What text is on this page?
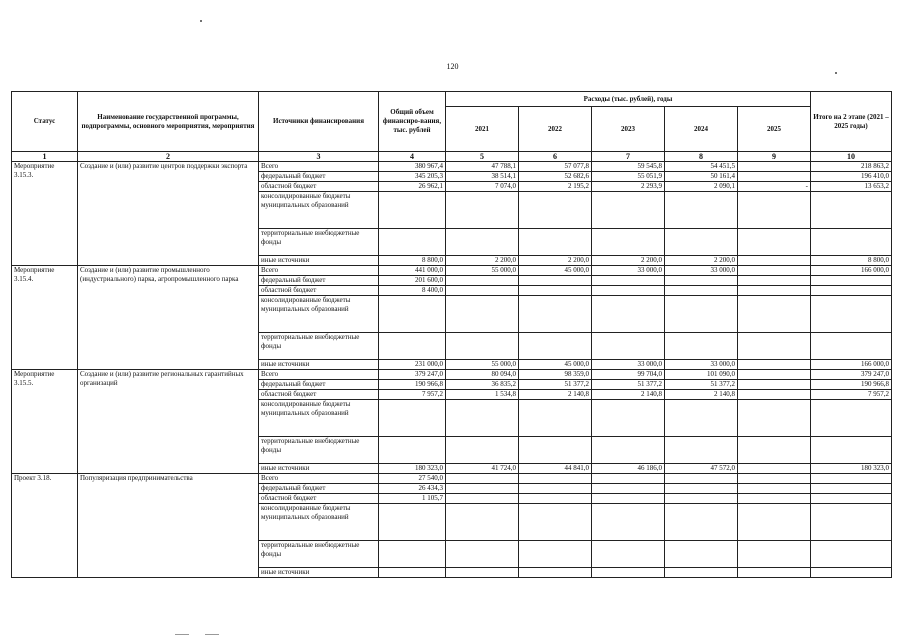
120
Статус	Наименование государственной программы, подпрограммы, основного мероприятия, мероприятия	Источники финансирования	Общий объем финансиро-вания, тыс. рублей	Расходы (тыс. рублей), годы					Итого на 2 этапе (2021 – 2025 годы)
				2021	2022	2023	2024	2025	
1	2	3	4	5	6	7	8	9	10
Мероприятие 3.15.3.	Создание и (или) развитие центров поддержки экспорта	Всего	380 967,4	47 788,1	57 077,8	59 545,8	54 451,5		218 863,2
		федеральный бюджет	345 205,3	38 514,1	52 682,6	55 051,9	50 161,4		196 410,0
		областной бюджет	26 962,1	7 074,0	2 195,2	2 293,9	2 090,1	-	13 653,2
		консолидированные бюджеты муниципальных образований							
		территориальные внебюджетные фонды							
		иные источники	8 800,0	2 200,0	2 200,0	2 200,0	2 200,0		8 800,0
Мероприятие 3.15.4.	Создание и (или) развитие промышленного (индустриального) парка, агропромышленного парка	Всего	441 000,0	55 000,0	45 000,0	33 000,0	33 000,0		166 000,0
		федеральный бюджет	201 600,0						
		областной бюджет	8 400,0						
		консолидированные бюджеты муниципальных образований							
		территориальные внебюджетные фонды							
		иные источники	231 000,0	55 000,0	45 000,0	33 000,0	33 000,0		166 000,0
Мероприятие 3.15.5.	Создание и (или) развитие региональных гарантийных организаций	Всего	379 247,0	80 094,0	98 359,0	99 704,0	101 090,0		379 247,0
		федеральный бюджет	190 966,8	36 835,2	51 377,2	51 377,2	51 377,2		190 966,8
		областной бюджет	7 957,2	1 534,8	2 140,8	2 140,8	2 140,8		7 957,2
		консолидированные бюджеты муниципальных образований							
		территориальные внебюджетные фонды							
		иные источники	180 323,0	41 724,0	44 841,0	46 186,0	47 572,0		180 323,0
Проект 3.18.	Популяризация предпринимательства	Всего	27 540,0						
		федеральный бюджет	26 434,3						
		областной бюджет	1 105,7						
		консолидированные бюджеты муниципальных образований							
		территориальные внебюджетные фонды							
		иные источники							
